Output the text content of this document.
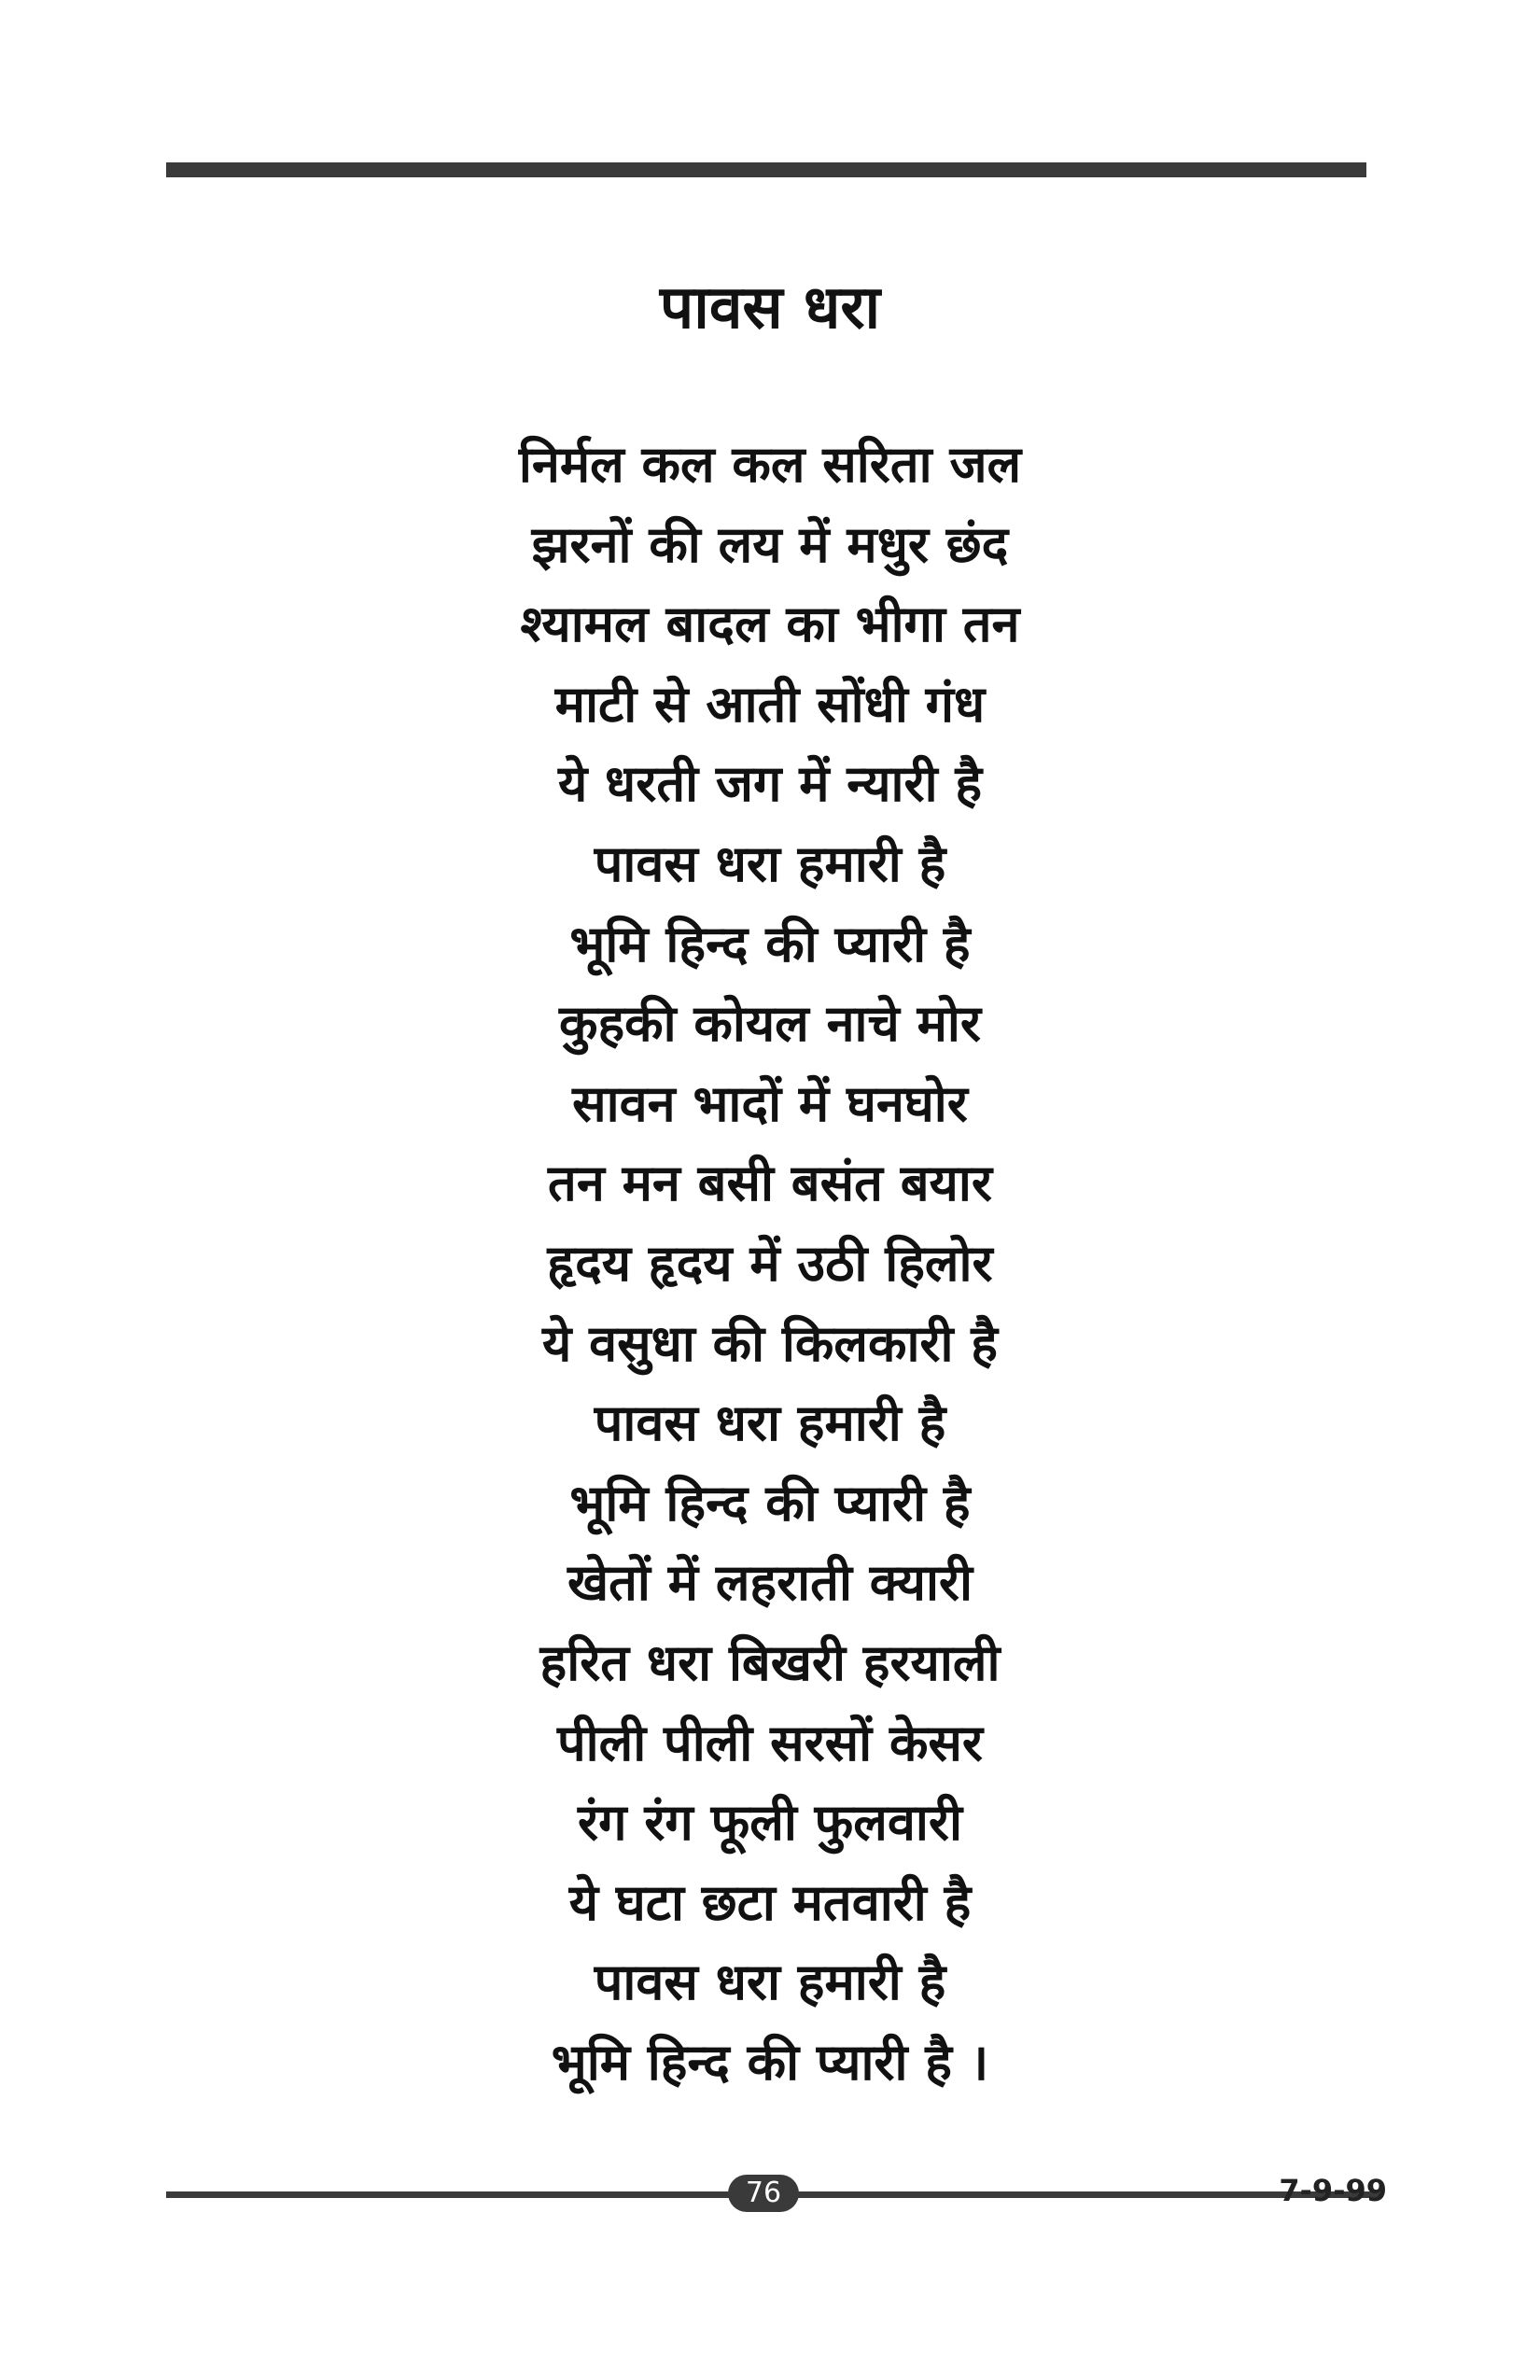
पावस धरा
निर्मल कल कल सरिता जल
झरनों की लय में मधुर छंद
श्यामल बादल का भीगा तन
माटी से आती सोंधी गंध
ये धरती जग में न्यारी है
पावस धरा हमारी है
भूमि हिन्द की प्यारी है
कुहकी कोयल नाचे मोर
सावन भादों में घनघोर
तन मन बसी बसंत बयार
हृदय हृदय में उठी हिलोर
ये वसुधा की किलकारी है
पावस धरा हमारी है
भूमि हिन्द की प्यारी है
खेतों में लहराती क्यारी
हरित धरा बिखरी हरयाली
पीली पीली सरसों केसर
रंग रंग फूली फुलवारी
ये घटा छटा मतवारी है
पावस धरा हमारी है
भूमि हिन्द की प्यारी है ।
76	7-9-99
